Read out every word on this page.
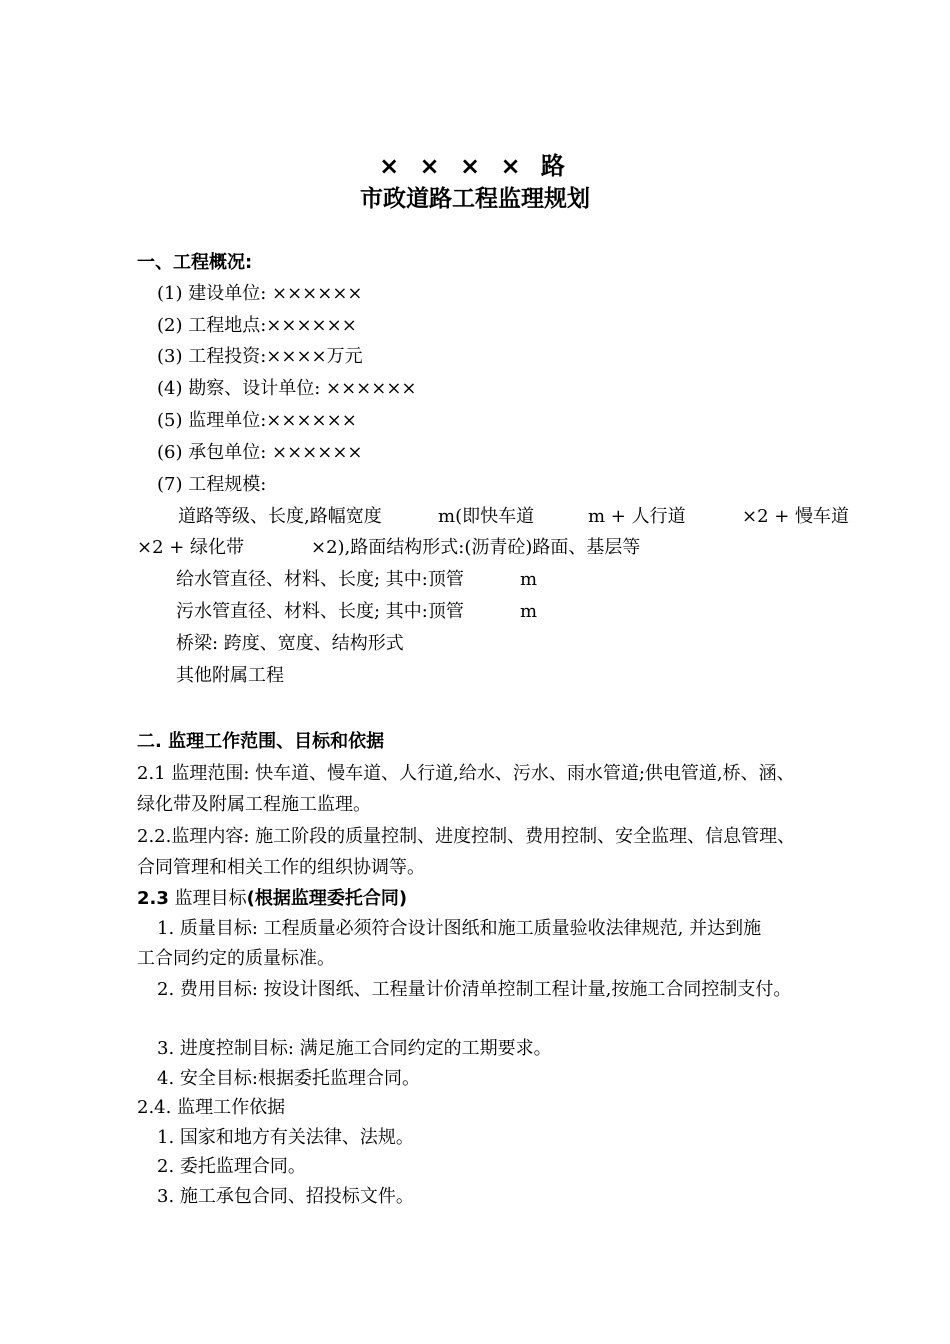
× × × × 路
市政道路工程监理规划
一、工程概况:
(1) 建设单位: ××××××
(2) 工程地点:××××××
(3) 工程投资:××××万元
(4) 勘察、设计单位: ××××××
(5) 监理单位:××××××
(6) 承包单位: ××××××
(7) 工程规模:
道路等级、长度,路幅宽度	m(即快车道	m + 人行道	×2 + 慢车道
×2 + 绿化带	×2),路面结构形式:(沥青砼)路面、基层等
给水管直径、材料、长度; 其中:顶管	m
污水管直径、材料、长度; 其中:顶管	m
桥梁: 跨度、宽度、结构形式
其他附属工程
二. 监理工作范围、目标和依据
2.1 监理范围: 快车道、慢车道、人行道,给水、污水、雨水管道;供电管道,桥、涵、
绿化带及附属工程施工监理。
2.2.监理内容: 施工阶段的质量控制、进度控制、费用控制、安全监理、信息管理、
合同管理和相关工作的组织协调等。
2.3 监理目标(根据监理委托合同)
1. 质量目标: 工程质量必须符合设计图纸和施工质量验收法律规范, 并达到施
工合同约定的质量标准。
2. 费用目标: 按设计图纸、工程量计价清单控制工程计量,按施工合同控制支付。
3. 进度控制目标: 满足施工合同约定的工期要求。
4. 安全目标:根据委托监理合同。
2.4. 监理工作依据
1. 国家和地方有关法律、法规。
2. 委托监理合同。
3. 施工承包合同、招投标文件。
